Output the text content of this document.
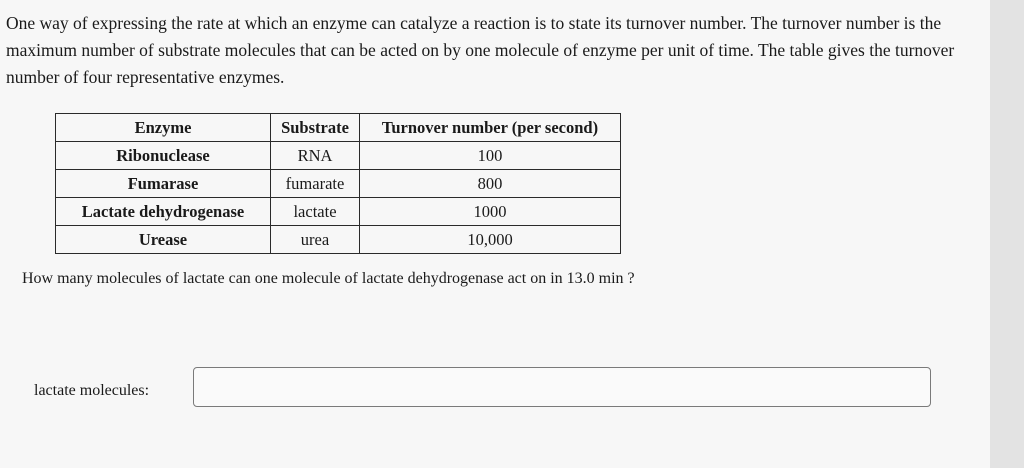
One way of expressing the rate at which an enzyme can catalyze a reaction is to state its turnover number. The turnover number is the maximum number of substrate molecules that can be acted on by one molecule of enzyme per unit of time. The table gives the turnover number of four representative enzymes.

Enzyme	Substrate	Turnover number (per second)
Ribonuclease	RNA	100
Fumarase	fumarate	800
Lactate dehydrogenase	lactate	1000
Urease	urea	10,000

How many molecules of lactate can one molecule of lactate dehydrogenase act on in 13.0 min ?

lactate molecules:
